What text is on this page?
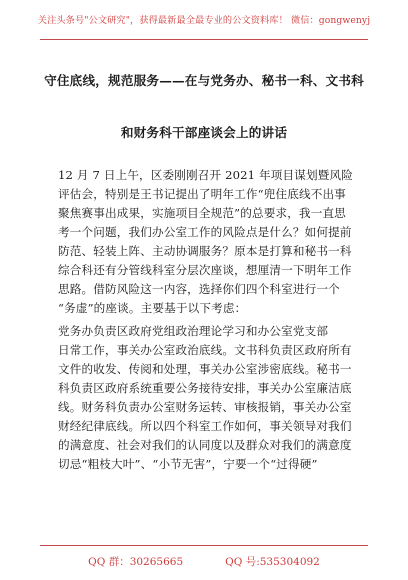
关注头条号"公文研究"，获得最新最全最专业的公文资料库！ 微信：gongwenyj
守住底线，规范服务——在与党务办、秘书一科、文书科
和财务科干部座谈会上的讲话
12 月 7 日上午，区委刚刚召开 2021 年项目谋划暨风险
评估会，特别是王书记提出了明年工作“兜住底线不出事
聚焦赛事出成果，实施项目全规范”的总要求，我一直思
考一个问题，我们办公室工作的风险点是什么？如何提前
防范、轻装上阵、主动协调服务？原本是打算和秘书一科
综合科还有分管线科室分层次座谈，想厘清一下明年工作
思路。借防风险这一内容，选择你们四个科室进行一个
“务虚”的座谈。主要基于以下考虑：
党务办负责区政府党组政治理论学习和办公室党支部
日常工作，事关办公室政治底线。文书科负责区政府所有
文件的收发、传阅和处理，事关办公室涉密底线。秘书一
科负责区政府系统重要公务接待安排，事关办公室廉洁底
线。财务科负责办公室财务运转、审核报销，事关办公室
财经纪律底线。所以四个科室工作如何，事关领导对我们
的满意度、社会对我们的认同度以及群众对我们的满意度
切忌“粗枝大叶”、“小节无害”，宁要一个“过得硬”
QQ 群：30265665	QQ 号:535304092
